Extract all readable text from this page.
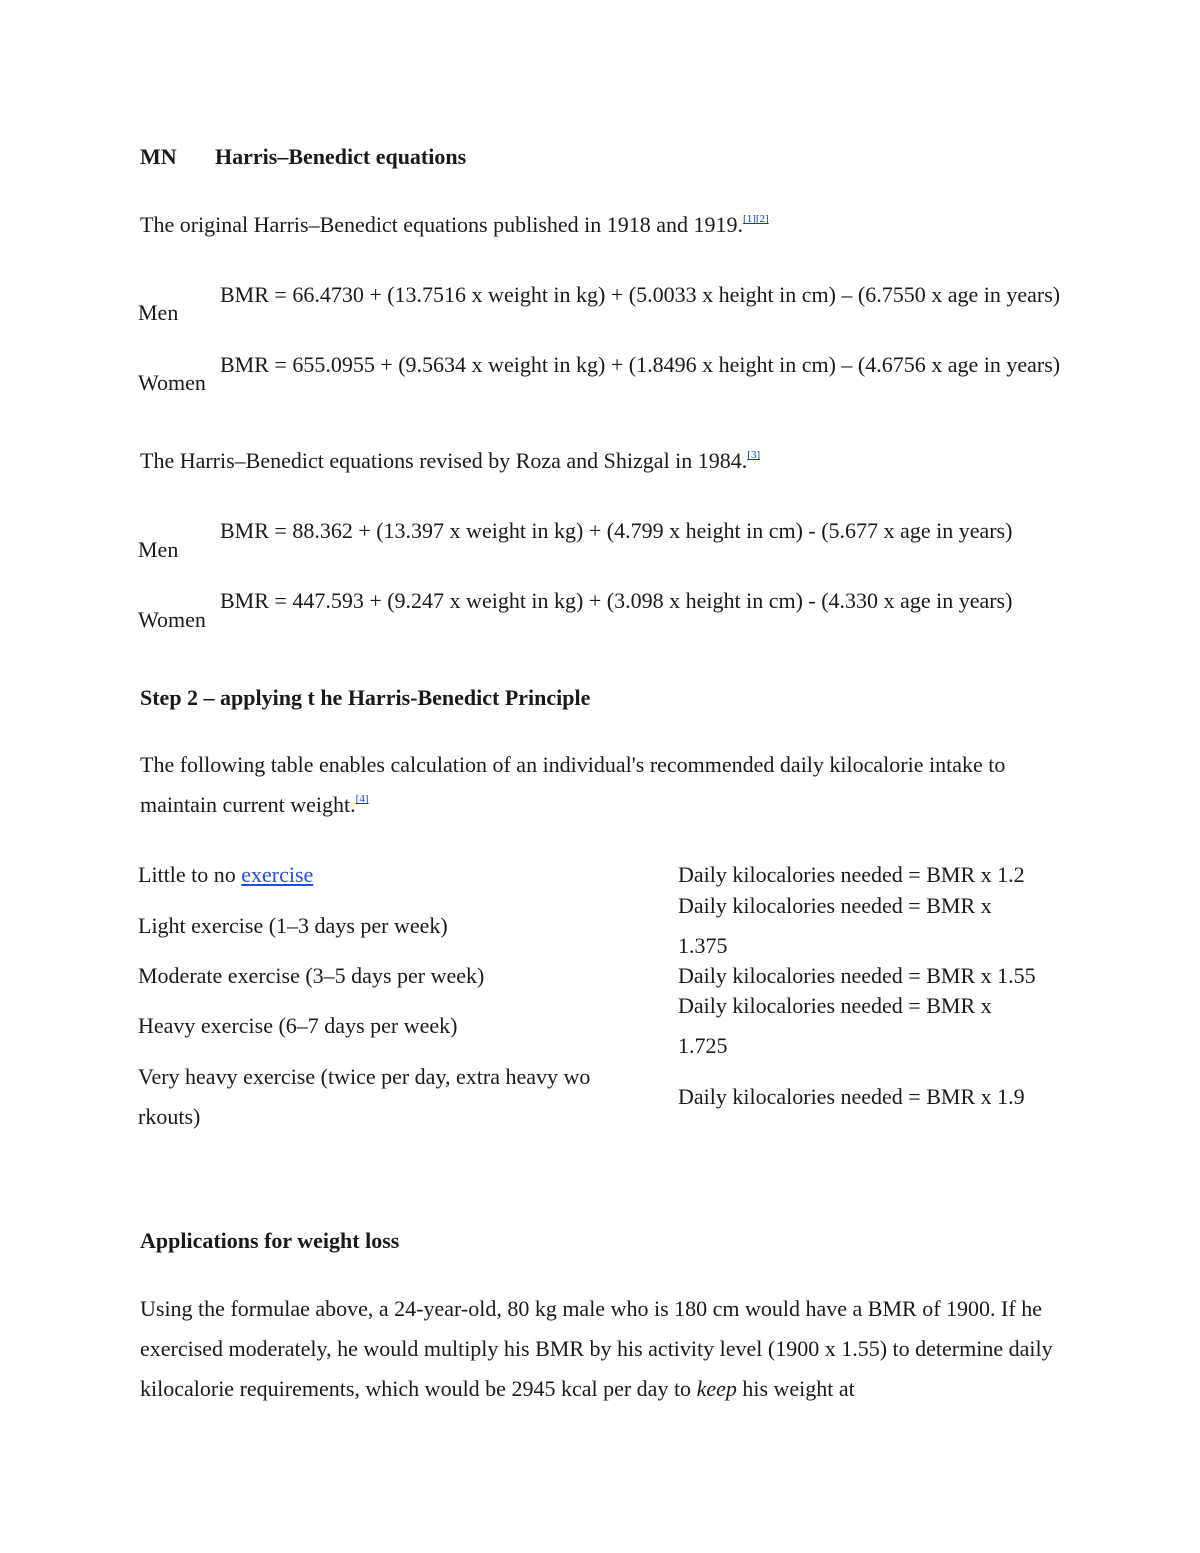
MN Harris–Benedict equations
The original Harris–Benedict equations published in 1918 and 1919.[1][2]
Men
BMR = 66.4730 + (13.7516 x weight in kg) + (5.0033 x height in cm) – (6.7550 x age in years)
Women
BMR = 655.0955 + (9.5634 x weight in kg) + (1.8496 x height in cm) – (4.6756 x age in years)
The Harris–Benedict equations revised by Roza and Shizgal in 1984.[3]
Men
BMR = 88.362 + (13.397 x weight in kg) + (4.799 x height in cm) - (5.677 x age in years)
Women
BMR = 447.593 + (9.247 x weight in kg) + (3.098 x height in cm) - (4.330 x age in years)
Step 2 – applying t he Harris-Benedict Principle
The following table enables calculation of an individual's recommended daily kilocalorie intake to maintain current weight.[4]
Little to no exercise	Daily kilocalories needed = BMR x 1.2
Light exercise (1–3 days per week)
Daily kilocalories needed = BMR x 1.375
Moderate exercise (3–5 days per week)	Daily kilocalories needed = BMR x 1.55
Heavy exercise (6–7 days per week)
Daily kilocalories needed = BMR x 1.725
Very heavy exercise (twice per day, extra heavy wo rkouts)
Daily kilocalories needed = BMR x 1.9
Applications for weight loss
Using the formulae above, a 24-year-old, 80 kg male who is 180 cm would have a BMR of 1900. If he exercised moderately, he would multiply his BMR by his activity level (1900 x 1.55) to determine daily kilocalorie requirements, which would be 2945 kcal per day to keep his weight at
